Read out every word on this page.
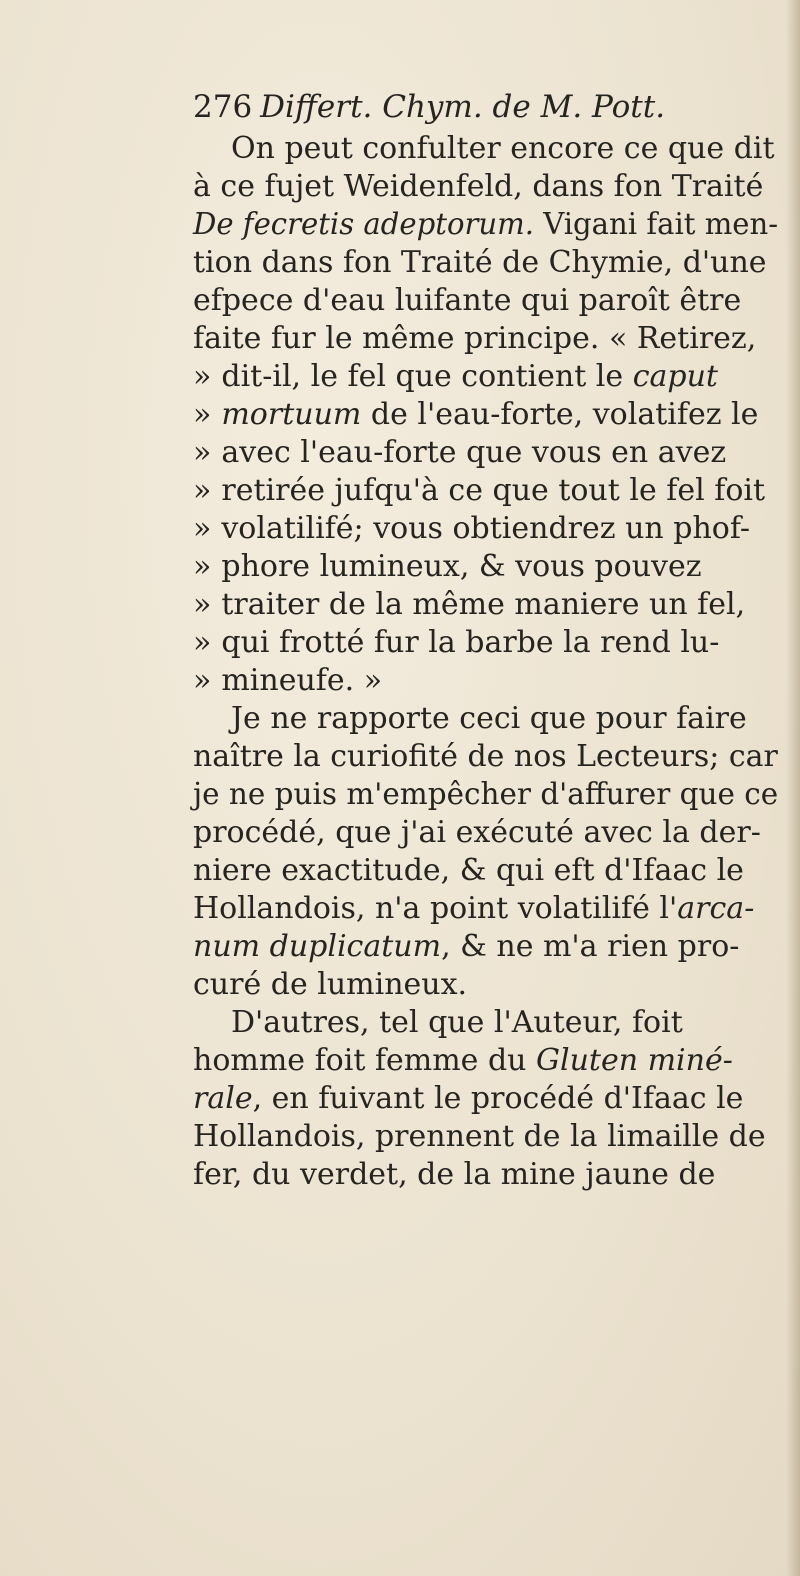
276 Differt. Chym. de M. Pott.
On peut confulter encore ce que dit
à ce fujet Weidenfeld, dans fon Traité
De fecretis adeptorum. Vigani fait men-
tion dans fon Traité de Chymie, d'une
efpece d'eau luifante qui paroît être
faite fur le même principe. « Retirez,
» dit-il, le fel que contient le caput
» mortuum de l'eau-forte, volatifez le
» avec l'eau-forte que vous en avez
» retirée jufqu'à ce que tout le fel foit
» volatilifé; vous obtiendrez un phof-
» phore lumineux, & vous pouvez
» traiter de la même maniere un fel,
» qui frotté fur la barbe la rend lu-
» mineufe. »
Je ne rapporte ceci que pour faire
naître la curiofité de nos Lecteurs; car
je ne puis m'empêcher d'affurer que ce
procédé, que j'ai exécuté avec la der-
niere exactitude, & qui eft d'Ifaac le
Hollandois, n'a point volatilifé l'arca-
num duplicatum, & ne m'a rien pro-
curé de lumineux.
D'autres, tel que l'Auteur, foit
homme foit femme du Gluten miné-
rale, en fuivant le procédé d'Ifaac le
Hollandois, prennent de la limaille de
fer, du verdet, de la mine jaune de
